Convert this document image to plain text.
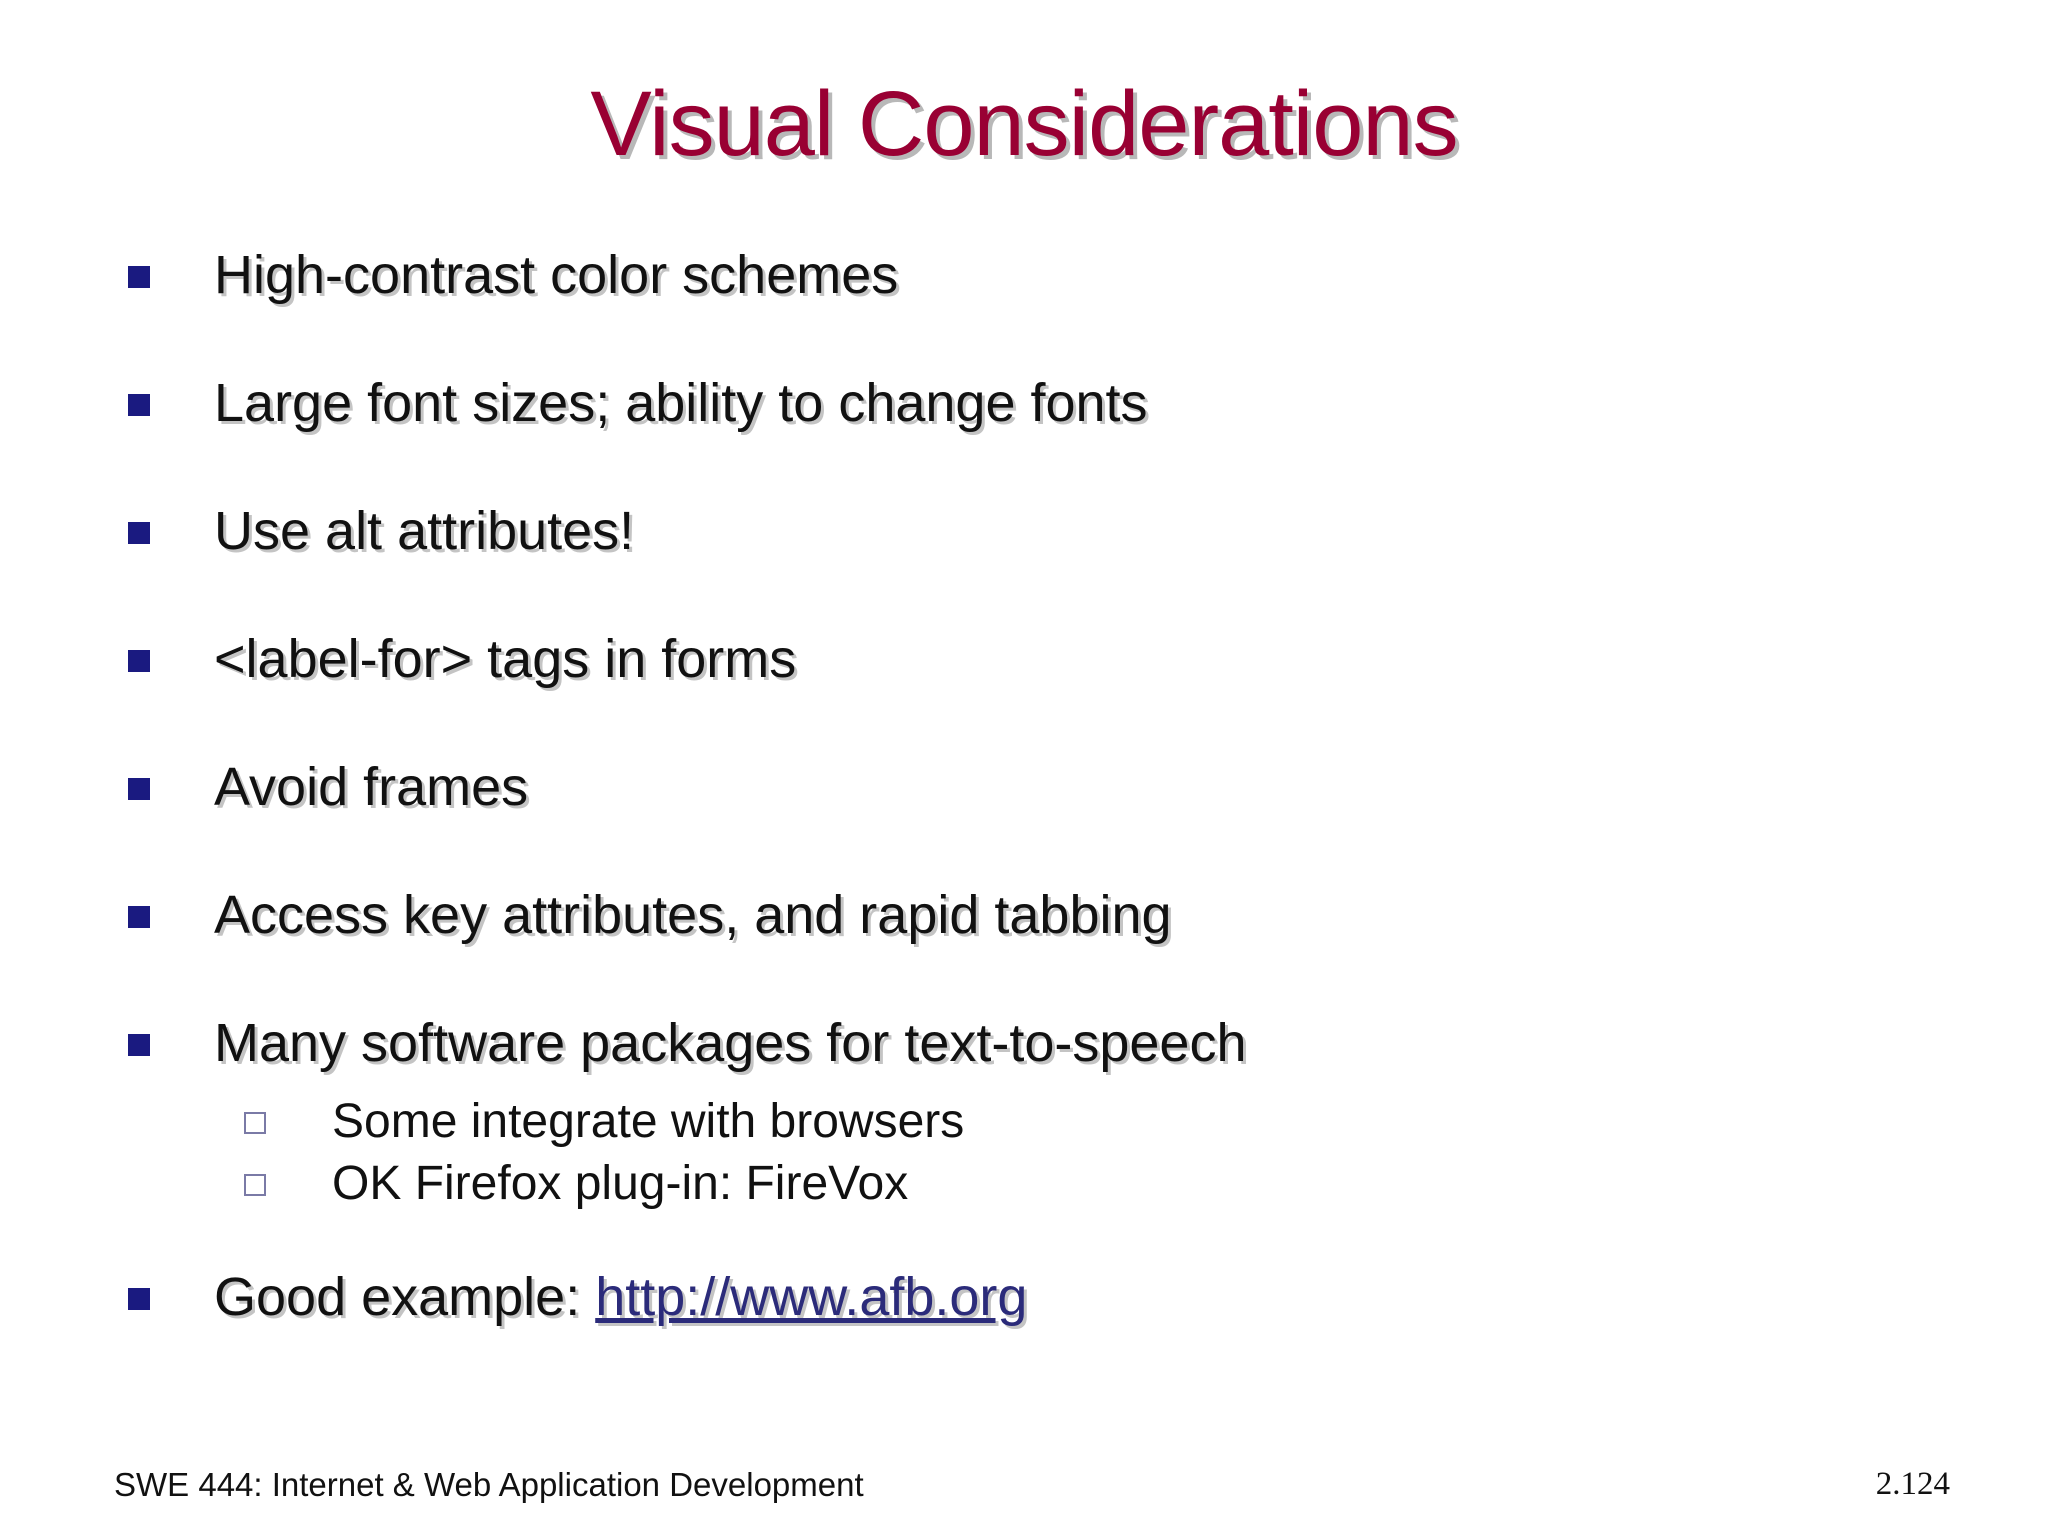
Visual Considerations
High-contrast color schemes
Large font sizes; ability to change fonts
Use alt attributes!
<label-for> tags in forms
Avoid frames
Access key attributes, and rapid tabbing
Many software packages for text-to-speech
Some integrate with browsers
OK Firefox plug-in: FireVox
Good example: http://www.afb.org
SWE 444: Internet & Web Application Development	2.124
